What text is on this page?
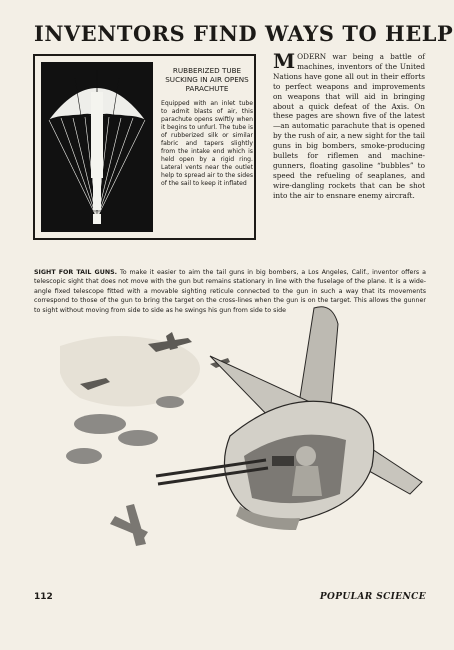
INVENTORS FIND WAYS TO HELP
RUBBERIZED TUBE SUCKING IN AIR OPENS PARACHUTE
Equipped with an inlet tube to admit blasts of air, this parachute opens swiftly when it begins to unfurl. The tube is of rubberized silk or similar fabric and tapers slightly from the intake end which is held open by a rigid ring. Lateral vents near the outlet help to spread air to the sides of the sail to keep it inflated
MODERN war being a battle of machines, inventors of the United Nations have gone all out in their efforts to perfect weapons and improvements on weapons that will aid in bringing about a quick defeat of the Axis. On these pages are shown five of the latest—an automatic parachute that is opened by the rush of air, a new sight for the tail guns in big bombers, smoke-producing bullets for riflemen and machine-gunners, floating gasoline “bubbles” to speed the refueling of seaplanes, and wire-dangling rockets that can be shot into the air to ensnare enemy aircraft.
SIGHT FOR TAIL GUNS. To make it easier to aim the tail guns in big bombers, a Los Angeles, Calif., inventor offers a telescopic sight that does not move with the gun but remains stationary in line with the fuselage of the plane. It is a wide-angle fixed telescope fitted with a movable sighting reticule connected to the gun in such a way that its movements correspond to those of the gun to bring the target on the cross-lines when the gun is on the target. This allows the gunner to sight without moving from side to side as he swings his gun from side to side
112	POPULAR SCIENCE
